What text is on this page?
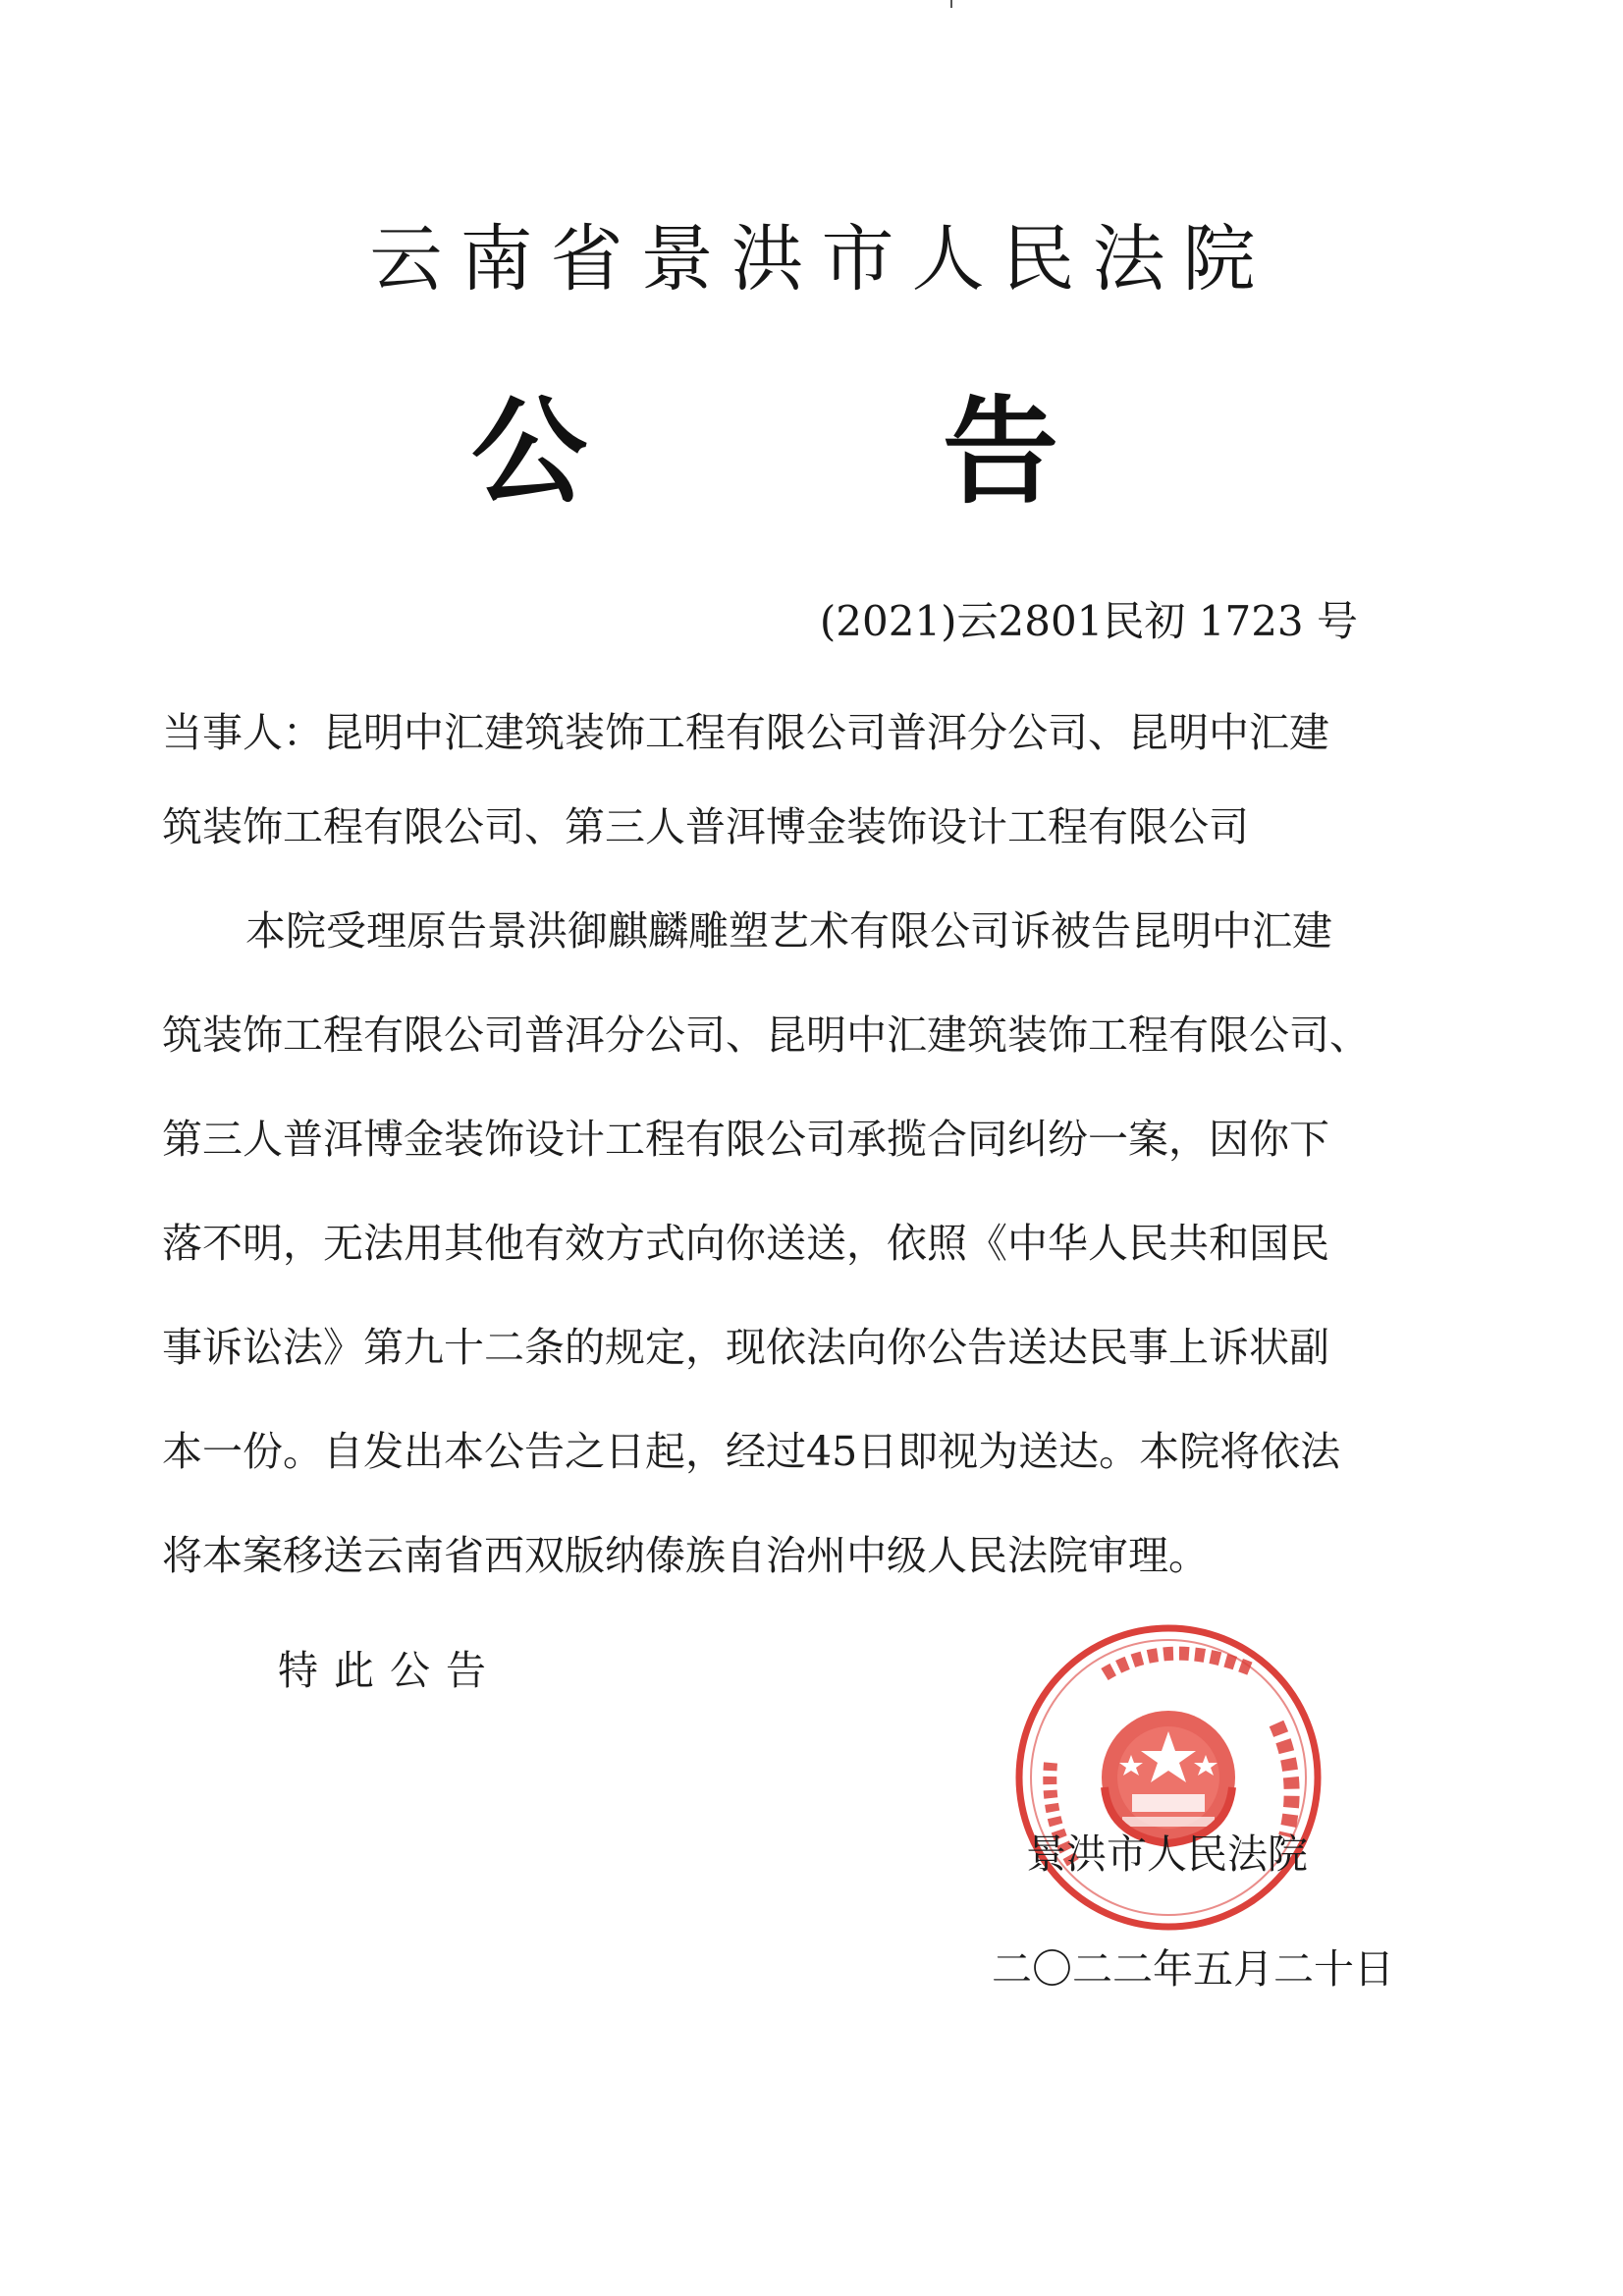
云南省景洪市人民法院
公	告
(2021)云2801民初 1723 号
当事人：昆明中汇建筑装饰工程有限公司普洱分公司、昆明中汇建
筑装饰工程有限公司、第三人普洱博金装饰设计工程有限公司
本院受理原告景洪御麒麟雕塑艺术有限公司诉被告昆明中汇建
筑装饰工程有限公司普洱分公司、昆明中汇建筑装饰工程有限公司、
第三人普洱博金装饰设计工程有限公司承揽合同纠纷一案，因你下
落不明，无法用其他有效方式向你送送，依照《中华人民共和国民
事诉讼法》第九十二条的规定，现依法向你公告送达民事上诉状副
本一份。自发出本公告之日起，经过45日即视为送达。本院将依法
将本案移送云南省西双版纳傣族自治州中级人民法院审理。
特此公告
景洪市人民法院
二〇二二年五月二十日
